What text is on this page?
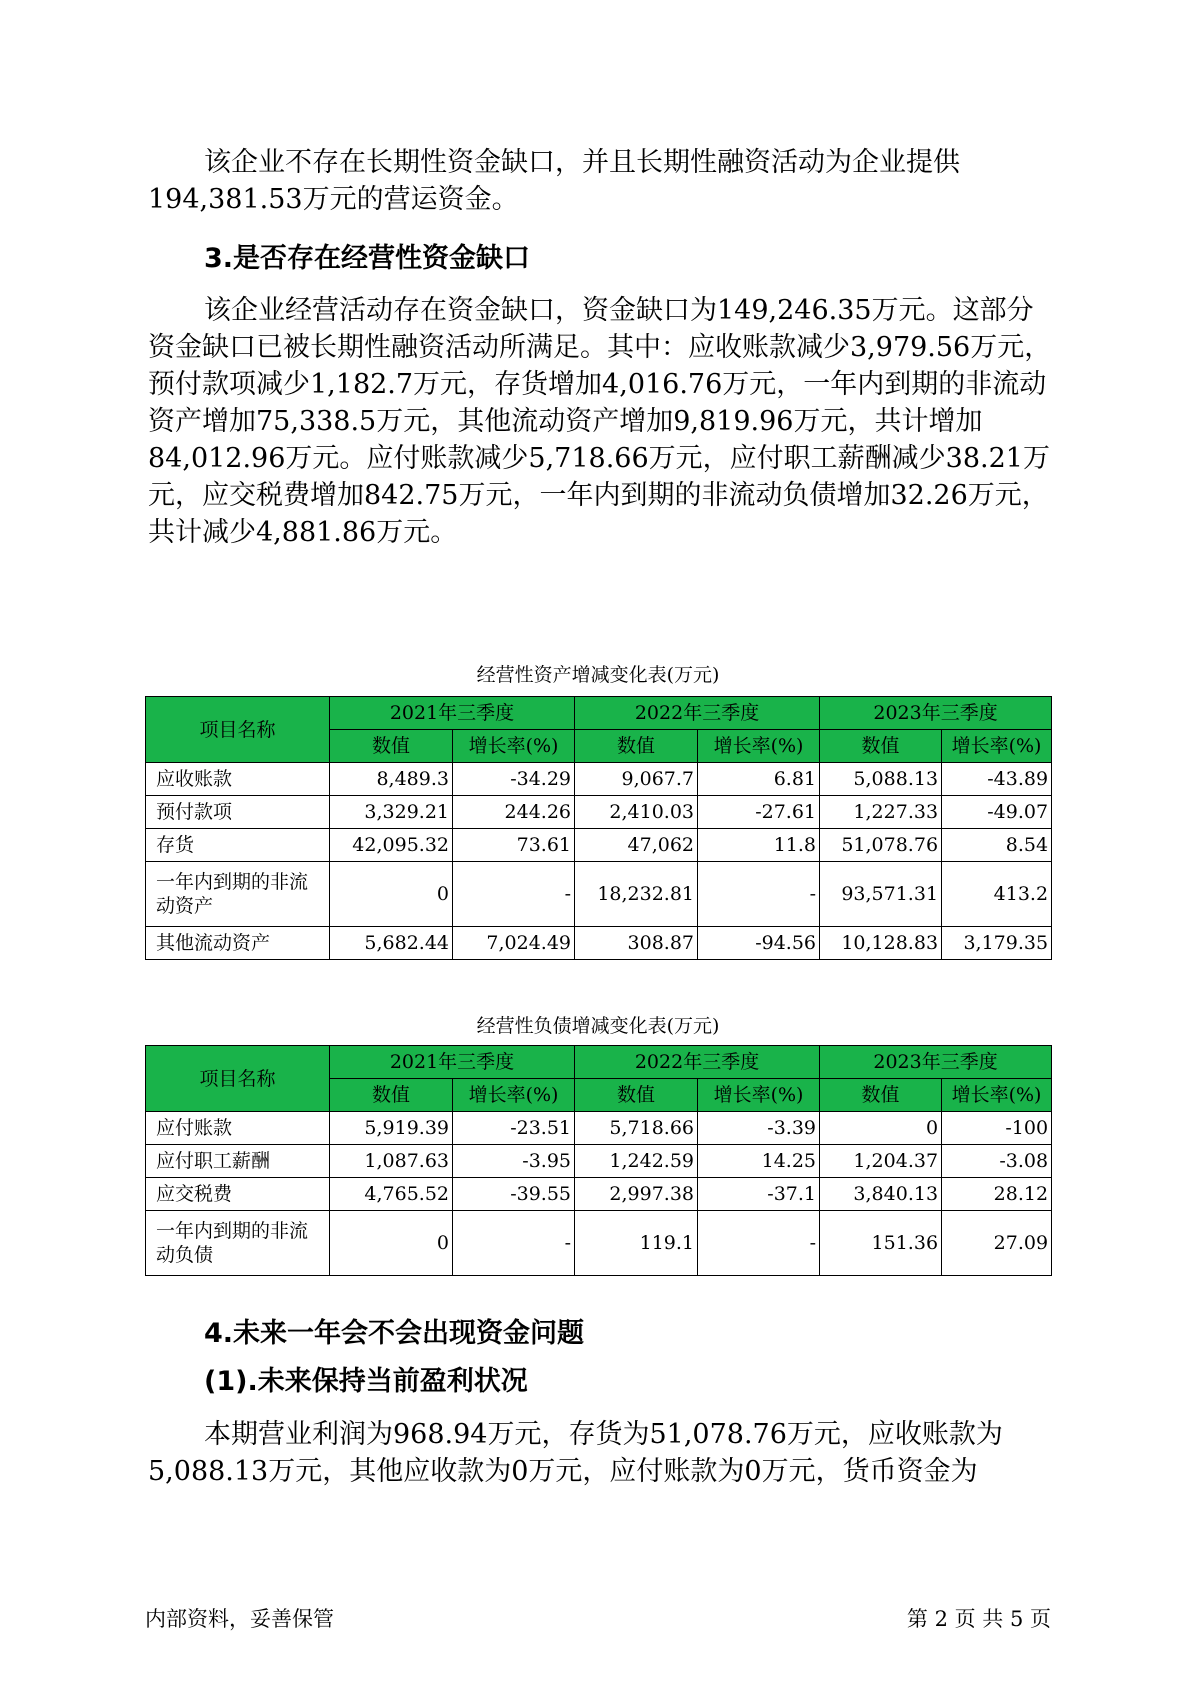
该企业不存在长期性资金缺口，并且长期性融资活动为企业提供
194,381.53万元的营运资金。
3.是否存在经营性资金缺口
该企业经营活动存在资金缺口，资金缺口为149,246.35万元。这部分
资金缺口已被长期性融资活动所满足。其中：应收账款减少3,979.56万元，
预付款项减少1,182.7万元，存货增加4,016.76万元，一年内到期的非流动
资产增加75,338.5万元，其他流动资产增加9,819.96万元，共计增加
84,012.96万元。应付账款减少5,718.66万元，应付职工薪酬减少38.21万
元，应交税费增加842.75万元，一年内到期的非流动负债增加32.26万元，
共计减少4,881.86万元。
经营性资产增减变化表(万元)
项目名称	2021年三季度		2022年三季度		2023年三季度	
	数值	增长率(%)	数值	增长率(%)	数值	增长率(%)
应收账款	8,489.3	-34.29	9,067.7	6.81	5,088.13	-43.89
预付款项	3,329.21	244.26	2,410.03	-27.61	1,227.33	-49.07
存货	42,095.32	73.61	47,062	11.8	51,078.76	8.54
一年内到期的非流
动资产	0	-	18,232.81	-	93,571.31	413.2
其他流动资产	5,682.44	7,024.49	308.87	-94.56	10,128.83	3,179.35
经营性负债增减变化表(万元)
项目名称	2021年三季度		2022年三季度		2023年三季度	
	数值	增长率(%)	数值	增长率(%)	数值	增长率(%)
应付账款	5,919.39	-23.51	5,718.66	-3.39	0	-100
应付职工薪酬	1,087.63	-3.95	1,242.59	14.25	1,204.37	-3.08
应交税费	4,765.52	-39.55	2,997.38	-37.1	3,840.13	28.12
一年内到期的非流
动负债	0	-	119.1	-	151.36	27.09
4.未来一年会不会出现资金问题
(1).未来保持当前盈利状况
本期营业利润为968.94万元，存货为51,078.76万元，应收账款为
5,088.13万元，其他应收款为0万元，应付账款为0万元，货币资金为
内部资料，妥善保管	第 2 页 共 5 页
